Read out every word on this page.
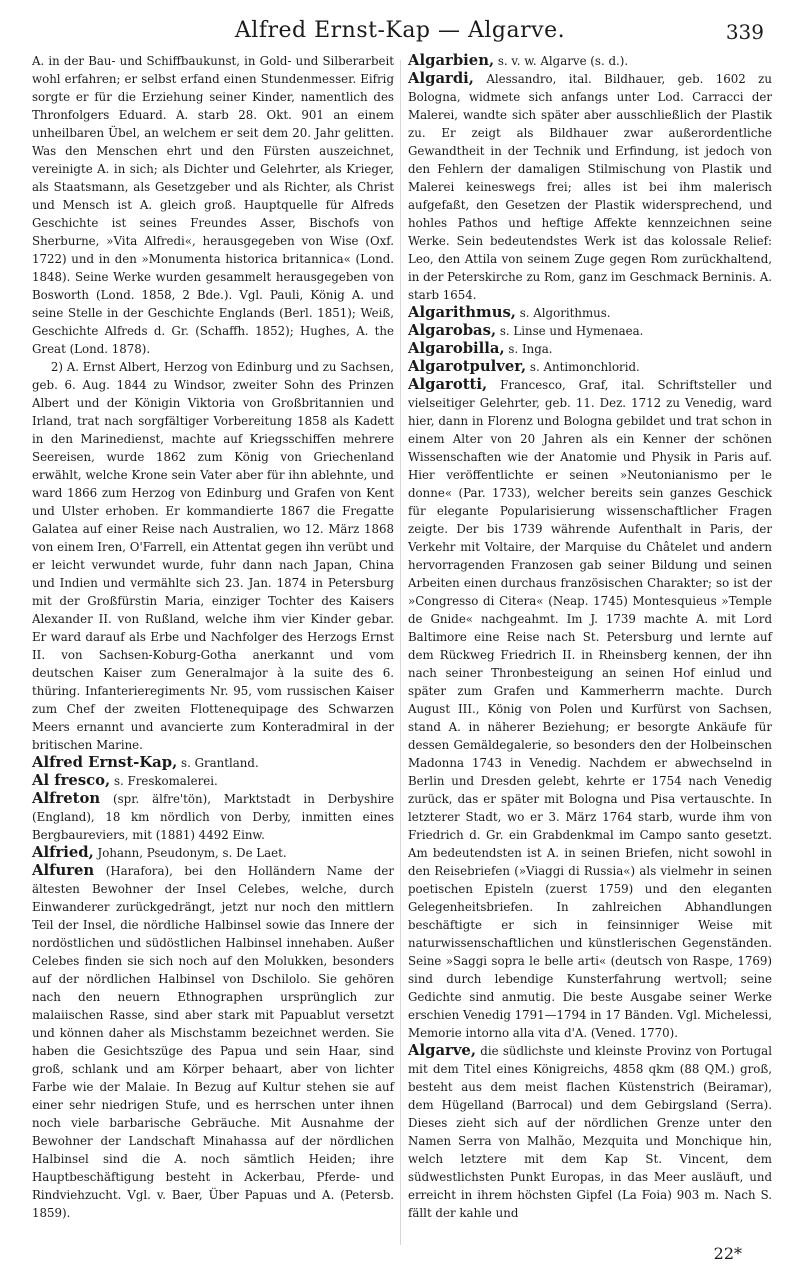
Alfred Ernst-Kap — Algarve.	339

A. in der Bau- und Schiffbaukunst, in Gold- und Silberarbeit wohl erfahren; er selbst erfand einen Stundenmesser. Eifrig sorgte er für die Erziehung seiner Kinder, namentlich des Thronfolgers Eduard. A. starb 28. Okt. 901 an einem unheilbaren Übel, an welchem er seit dem 20. Jahr gelitten. Was den Menschen ehrt und den Fürsten auszeichnet, vereinigte A. in sich; als Dichter und Gelehrter, als Krieger, als Staatsmann, als Gesetzgeber und als Richter, als Christ und Mensch ist A. gleich groß. Hauptquelle für Alfreds Geschichte ist seines Freundes Asser, Bischofs von Sherburne, »Vita Alfredi«, herausgegeben von Wise (Oxf. 1722) und in den »Monumenta historica britannica« (Lond. 1848). Seine Werke wurden gesammelt herausgegeben von Bosworth (Lond. 1858, 2 Bde.). Vgl. Pauli, König A. und seine Stelle in der Geschichte Englands (Berl. 1851); Weiß, Geschichte Alfreds d. Gr. (Schaffh. 1852); Hughes, A. the Great (Lond. 1878).

2) A. Ernst Albert, Herzog von Edinburg und zu Sachsen, geb. 6. Aug. 1844 zu Windsor, zweiter Sohn des Prinzen Albert und der Königin Viktoria von Großbritannien und Irland, trat nach sorgfältiger Vorbereitung 1858 als Kadett in den Marinedienst, machte auf Kriegsschiffen mehrere Seereisen, wurde 1862 zum König von Griechenland erwählt, welche Krone sein Vater aber für ihn ablehnte, und ward 1866 zum Herzog von Edinburg und Grafen von Kent und Ulster erhoben. Er kommandierte 1867 die Fregatte Galatea auf einer Reise nach Australien, wo 12. März 1868 von einem Iren, O'Farrell, ein Attentat gegen ihn verübt und er leicht verwundet wurde, fuhr dann nach Japan, China und Indien und vermählte sich 23. Jan. 1874 in Petersburg mit der Großfürstin Maria, einziger Tochter des Kaisers Alexander II. von Rußland, welche ihm vier Kinder gebar. Er ward darauf als Erbe und Nachfolger des Herzogs Ernst II. von Sachsen-Koburg-Gotha anerkannt und vom deutschen Kaiser zum Generalmajor à la suite des 6. thüring. Infanterieregiments Nr. 95, vom russischen Kaiser zum Chef der zweiten Flottenequipage des Schwarzen Meers ernannt und avancierte zum Konteradmiral in der britischen Marine.

Alfred Ernst-Kap, s. Grantland.

Al fresco, s. Freskomalerei.

Alfreton (spr. älfre'tön), Marktstadt in Derbyshire (England), 18 km nördlich von Derby, inmitten eines Bergbaureviers, mit (1881) 4492 Einw.

Alfried, Johann, Pseudonym, s. De Laet.

Alfuren (Harafora), bei den Holländern Name der ältesten Bewohner der Insel Celebes, welche, durch Einwanderer zurückgedrängt, jetzt nur noch den mittlern Teil der Insel, die nördliche Halbinsel sowie das Innere der nordöstlichen und südöstlichen Halbinsel innehaben. Außer Celebes finden sie sich noch auf den Molukken, besonders auf der nördlichen Halbinsel von Dschilolo. Sie gehören nach den neuern Ethnographen ursprünglich zur malaiischen Rasse, sind aber stark mit Papuablut versetzt und können daher als Mischstamm bezeichnet werden. Sie haben die Gesichtszüge des Papua und sein Haar, sind groß, schlank und am Körper behaart, aber von lichter Farbe wie der Malaie. In Bezug auf Kultur stehen sie auf einer sehr niedrigen Stufe, und es herrschen unter ihnen noch viele barbarische Gebräuche. Mit Ausnahme der Bewohner der Landschaft Minahassa auf der nördlichen Halbinsel sind die A. noch sämtlich Heiden; ihre Hauptbeschäftigung besteht in Ackerbau, Pferde- und Rindviehzucht. Vgl. v. Baer, Über Papuas und A. (Petersb. 1859).

Algarbien, s. v. w. Algarve (s. d.).

Algardi, Alessandro, ital. Bildhauer, geb. 1602 zu Bologna, widmete sich anfangs unter Lod. Carracci der Malerei, wandte sich später aber ausschließlich der Plastik zu. Er zeigt als Bildhauer zwar außerordentliche Gewandtheit in der Technik und Erfindung, ist jedoch von den Fehlern der damaligen Stilmischung von Plastik und Malerei keineswegs frei; alles ist bei ihm malerisch aufgefaßt, den Gesetzen der Plastik widersprechend, und hohles Pathos und heftige Affekte kennzeichnen seine Werke. Sein bedeutendstes Werk ist das kolossale Relief: Leo, den Attila von seinem Zuge gegen Rom zurückhaltend, in der Peterskirche zu Rom, ganz im Geschmack Berninis. A. starb 1654.

Algarithmus, s. Algorithmus.

Algarobas, s. Linse und Hymenaea.

Algarobilla, s. Inga.

Algarotpulver, s. Antimonchlorid.

Algarotti, Francesco, Graf, ital. Schriftsteller und vielseitiger Gelehrter, geb. 11. Dez. 1712 zu Venedig, ward hier, dann in Florenz und Bologna gebildet und trat schon in einem Alter von 20 Jahren als ein Kenner der schönen Wissenschaften wie der Anatomie und Physik in Paris auf. Hier veröffentlichte er seinen »Neutonianismo per le donne« (Par. 1733), welcher bereits sein ganzes Geschick für elegante Popularisierung wissenschaftlicher Fragen zeigte. Der bis 1739 währende Aufenthalt in Paris, der Verkehr mit Voltaire, der Marquise du Châtelet und andern hervorragenden Franzosen gab seiner Bildung und seinen Arbeiten einen durchaus französischen Charakter; so ist der »Congresso di Citera« (Neap. 1745) Montesquieus »Temple de Gnide« nachgeahmt. Im J. 1739 machte A. mit Lord Baltimore eine Reise nach St. Petersburg und lernte auf dem Rückweg Friedrich II. in Rheinsberg kennen, der ihn nach seiner Thronbesteigung an seinen Hof einlud und später zum Grafen und Kammerherrn machte. Durch August III., König von Polen und Kurfürst von Sachsen, stand A. in näherer Beziehung; er besorgte Ankäufe für dessen Gemäldegalerie, so besonders den der Holbeinschen Madonna 1743 in Venedig. Nachdem er abwechselnd in Berlin und Dresden gelebt, kehrte er 1754 nach Venedig zurück, das er später mit Bologna und Pisa vertauschte. In letzterer Stadt, wo er 3. März 1764 starb, wurde ihm von Friedrich d. Gr. ein Grabdenkmal im Campo santo gesetzt. Am bedeutendsten ist A. in seinen Briefen, nicht sowohl in den Reisebriefen (»Viaggi di Russia«) als vielmehr in seinen poetischen Episteln (zuerst 1759) und den eleganten Gelegenheitsbriefen. In zahlreichen Abhandlungen beschäftigte er sich in feinsinniger Weise mit naturwissenschaftlichen und künstlerischen Gegenständen. Seine »Saggi sopra le belle arti« (deutsch von Raspe, 1769) sind durch lebendige Kunsterfahrung wertvoll; seine Gedichte sind anmutig. Die beste Ausgabe seiner Werke erschien Venedig 1791—1794 in 17 Bänden. Vgl. Michelessi, Memorie intorno alla vita d'A. (Vened. 1770).

Algarve, die südlichste und kleinste Provinz von Portugal mit dem Titel eines Königreichs, 4858 qkm (88 QM.) groß, besteht aus dem meist flachen Küstenstrich (Beiramar), dem Hügelland (Barrocal) und dem Gebirgsland (Serra). Dieses zieht sich auf der nördlichen Grenze unter den Namen Serra von Malhão, Mezquita und Monchique hin, welch letztere mit dem Kap St. Vincent, dem südwestlichsten Punkt Europas, in das Meer ausläuft, und erreicht in ihrem höchsten Gipfel (La Foia) 903 m. Nach S. fällt der kahle und

22*
